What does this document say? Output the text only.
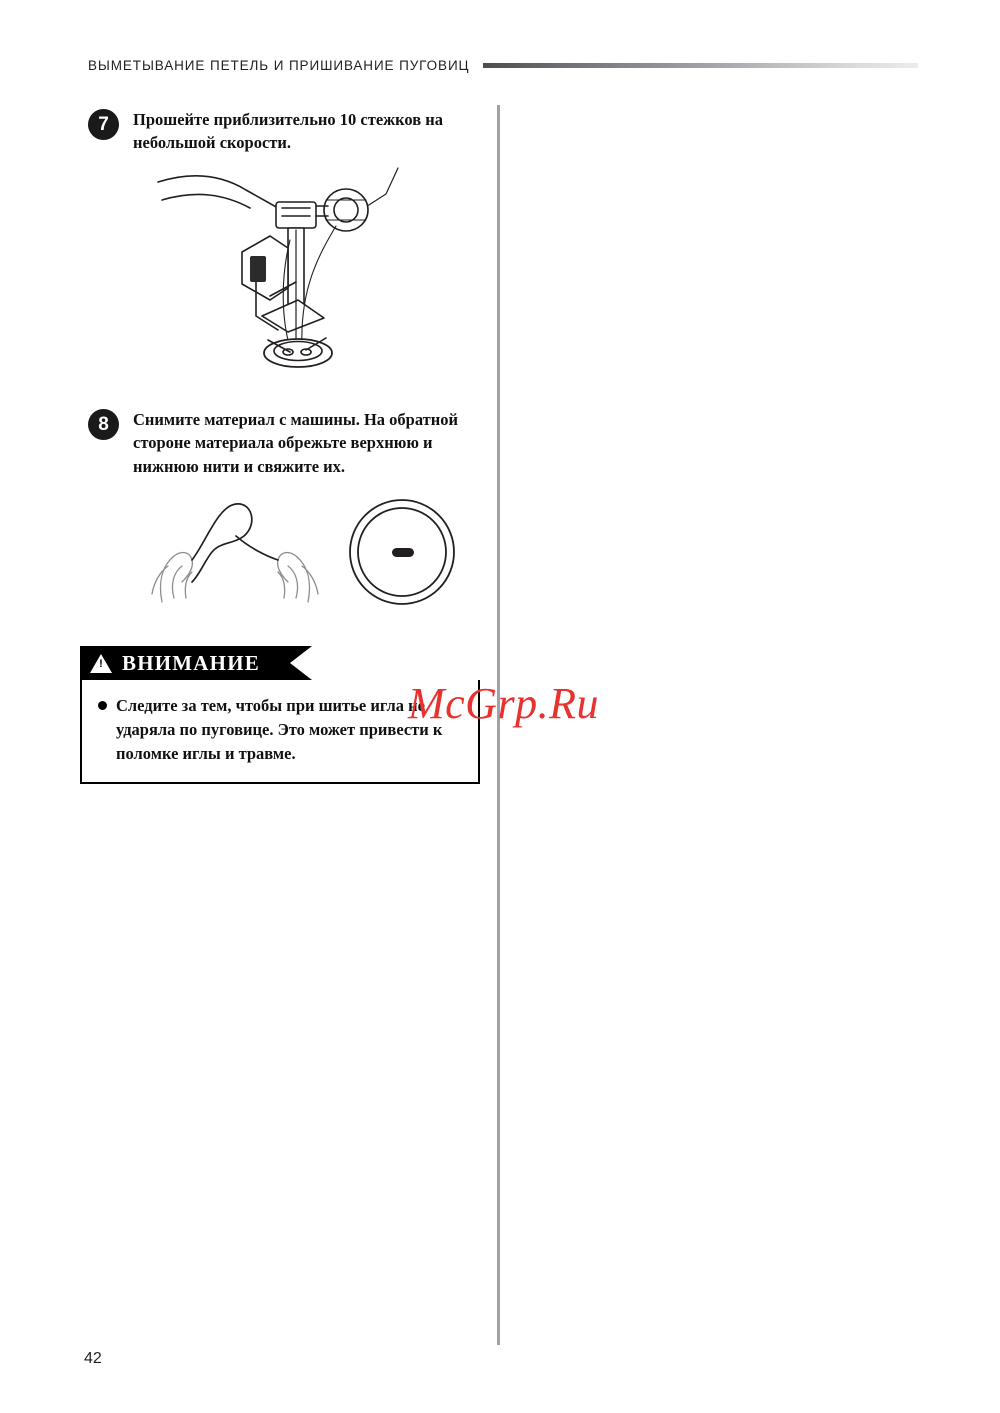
ВЫМЕТЫВАНИЕ ПЕТЕЛЬ И ПРИШИВАНИЕ ПУГОВИЦ
7	Прошейте приблизительно 10 стежков на небольшой скорости.
8	Снимите материал с машины. На обратной стороне материала обрежьте верхнюю и нижнюю нити и свяжите их.
! ВНИМАНИЕ
Следите за тем, чтобы при шитье игла не ударяла по пуговице. Это может привести к поломке иглы и травме.
McGrp.Ru
42
